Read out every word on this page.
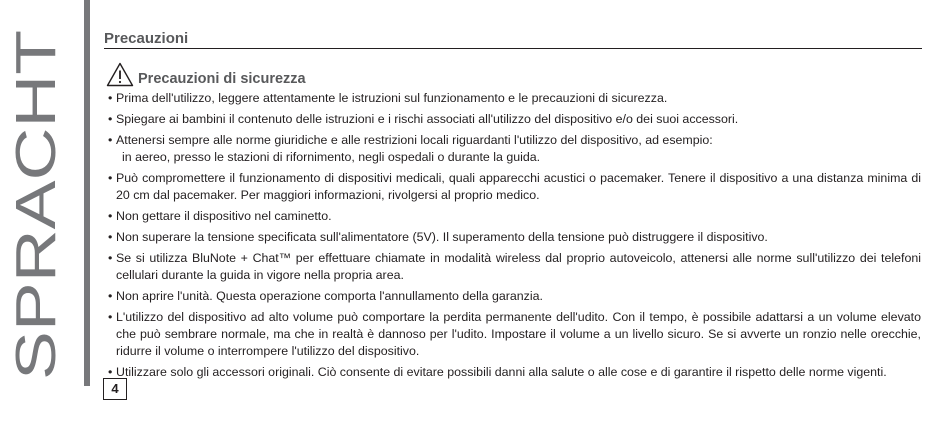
SPRACHT
Precauzioni
Precauzioni di sicurezza
• Prima dell'utilizzo, leggere attentamente le istruzioni sul funzionamento e le precauzioni di sicurezza.
• Spiegare ai bambini il contenuto delle istruzioni e i rischi associati all'utilizzo del dispositivo e/o dei suoi accessori.
• Attenersi sempre alle norme giuridiche e alle restrizioni locali riguardanti l'utilizzo del dispositivo, ad esempio:
in aereo, presso le stazioni di rifornimento, negli ospedali o durante la guida.
• Può compromettere il funzionamento di dispositivi medicali, quali apparecchi acustici o pacemaker. Tenere il dispositivo a una distanza minima di 20 cm dal pacemaker. Per maggiori informazioni, rivolgersi al proprio medico.
• Non gettare il dispositivo nel caminetto.
• Non superare la tensione specificata sull'alimentatore (5V). Il superamento della tensione può distruggere il dispositivo.
• Se si utilizza BluNote + Chat™ per effettuare chiamate in modalità wireless dal proprio autoveicolo, attenersi alle norme sull'utilizzo dei telefoni cellulari durante la guida in vigore nella propria area.
• Non aprire l'unità. Questa operazione comporta l'annullamento della garanzia.
• L'utilizzo del dispositivo ad alto volume può comportare la perdita permanente dell'udito. Con il tempo, è possibile adattarsi a un volume elevato che può sembrare normale, ma che in realtà è dannoso per l'udito. Impostare il volume a un livello sicuro. Se si avverte un ronzio nelle orecchie, ridurre il volume o interrompere l'utilizzo del dispositivo.
• Utilizzare solo gli accessori originali. Ciò consente di evitare possibili danni alla salute o alle cose e di garantire il rispetto delle norme vigenti.
4
